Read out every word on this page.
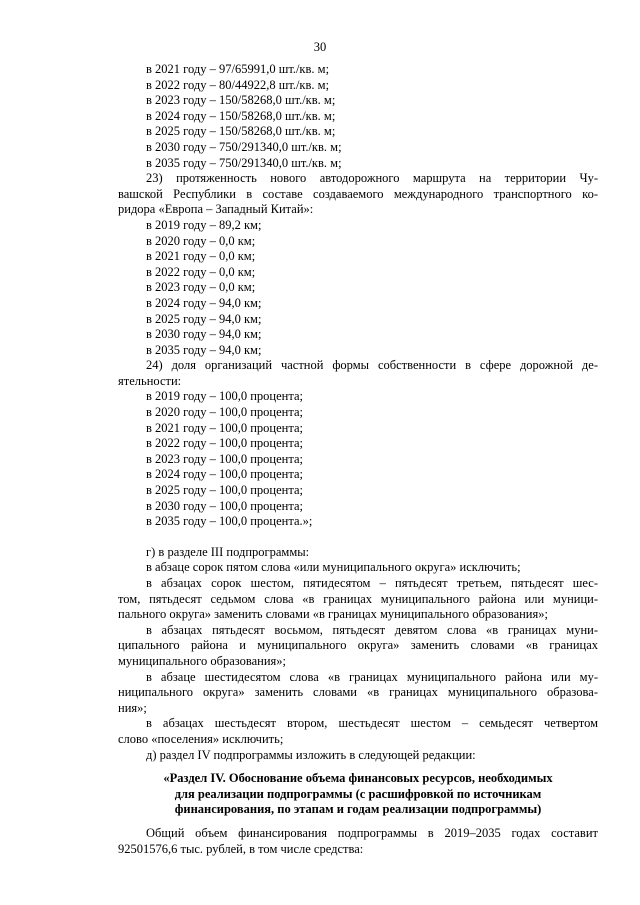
30
в 2021 году – 97/65991,0 шт./кв. м;
в 2022 году – 80/44922,8 шт./кв. м;
в 2023 году – 150/58268,0 шт./кв. м;
в 2024 году – 150/58268,0 шт./кв. м;
в 2025 году – 150/58268,0 шт./кв. м;
в 2030 году – 750/291340,0 шт./кв. м;
в 2035 году – 750/291340,0 шт./кв. м;
23) протяженность нового автодорожного маршрута на территории Чу-
вашской Республики в составе создаваемого международного транспортного ко-
ридора «Европа – Западный Китай»:
в 2019 году – 89,2 км;
в 2020 году – 0,0 км;
в 2021 году – 0,0 км;
в 2022 году – 0,0 км;
в 2023 году – 0,0 км;
в 2024 году – 94,0 км;
в 2025 году – 94,0 км;
в 2030 году – 94,0 км;
в 2035 году – 94,0 км;
24) доля организаций частной формы собственности в сфере дорожной де-
ятельности:
в 2019 году – 100,0 процента;
в 2020 году – 100,0 процента;
в 2021 году – 100,0 процента;
в 2022 году – 100,0 процента;
в 2023 году – 100,0 процента;
в 2024 году – 100,0 процента;
в 2025 году – 100,0 процента;
в 2030 году – 100,0 процента;
в 2035 году – 100,0 процента.»;
г) в разделе III подпрограммы:
в абзаце сорок пятом слова «или муниципального округа» исключить;
в абзацах сорок шестом, пятидесятом – пятьдесят третьем, пятьдесят шес-
том, пятьдесят седьмом слова «в границах муниципального района или муници-
пального округа» заменить словами «в границах муниципального образования»;
в абзацах пятьдесят восьмом, пятьдесят девятом слова «в границах муни-
ципального района и муниципального округа» заменить словами «в границах
муниципального образования»;
в абзаце шестидесятом слова «в границах муниципального района или му-
ниципального округа» заменить словами «в границах муниципального образова-
ния»;
в абзацах шестьдесят втором, шестьдесят шестом – семьдесят четвертом
слово «поселения» исключить;
д) раздел IV подпрограммы изложить в следующей редакции:
«Раздел IV. Обоснование объема финансовых ресурсов, необходимых
для реализации подпрограммы (с расшифровкой по источникам
финансирования, по этапам и годам реализации подпрограммы)
Общий объем финансирования подпрограммы в 2019–2035 годах составит
92501576,6 тыс. рублей, в том числе средства:
